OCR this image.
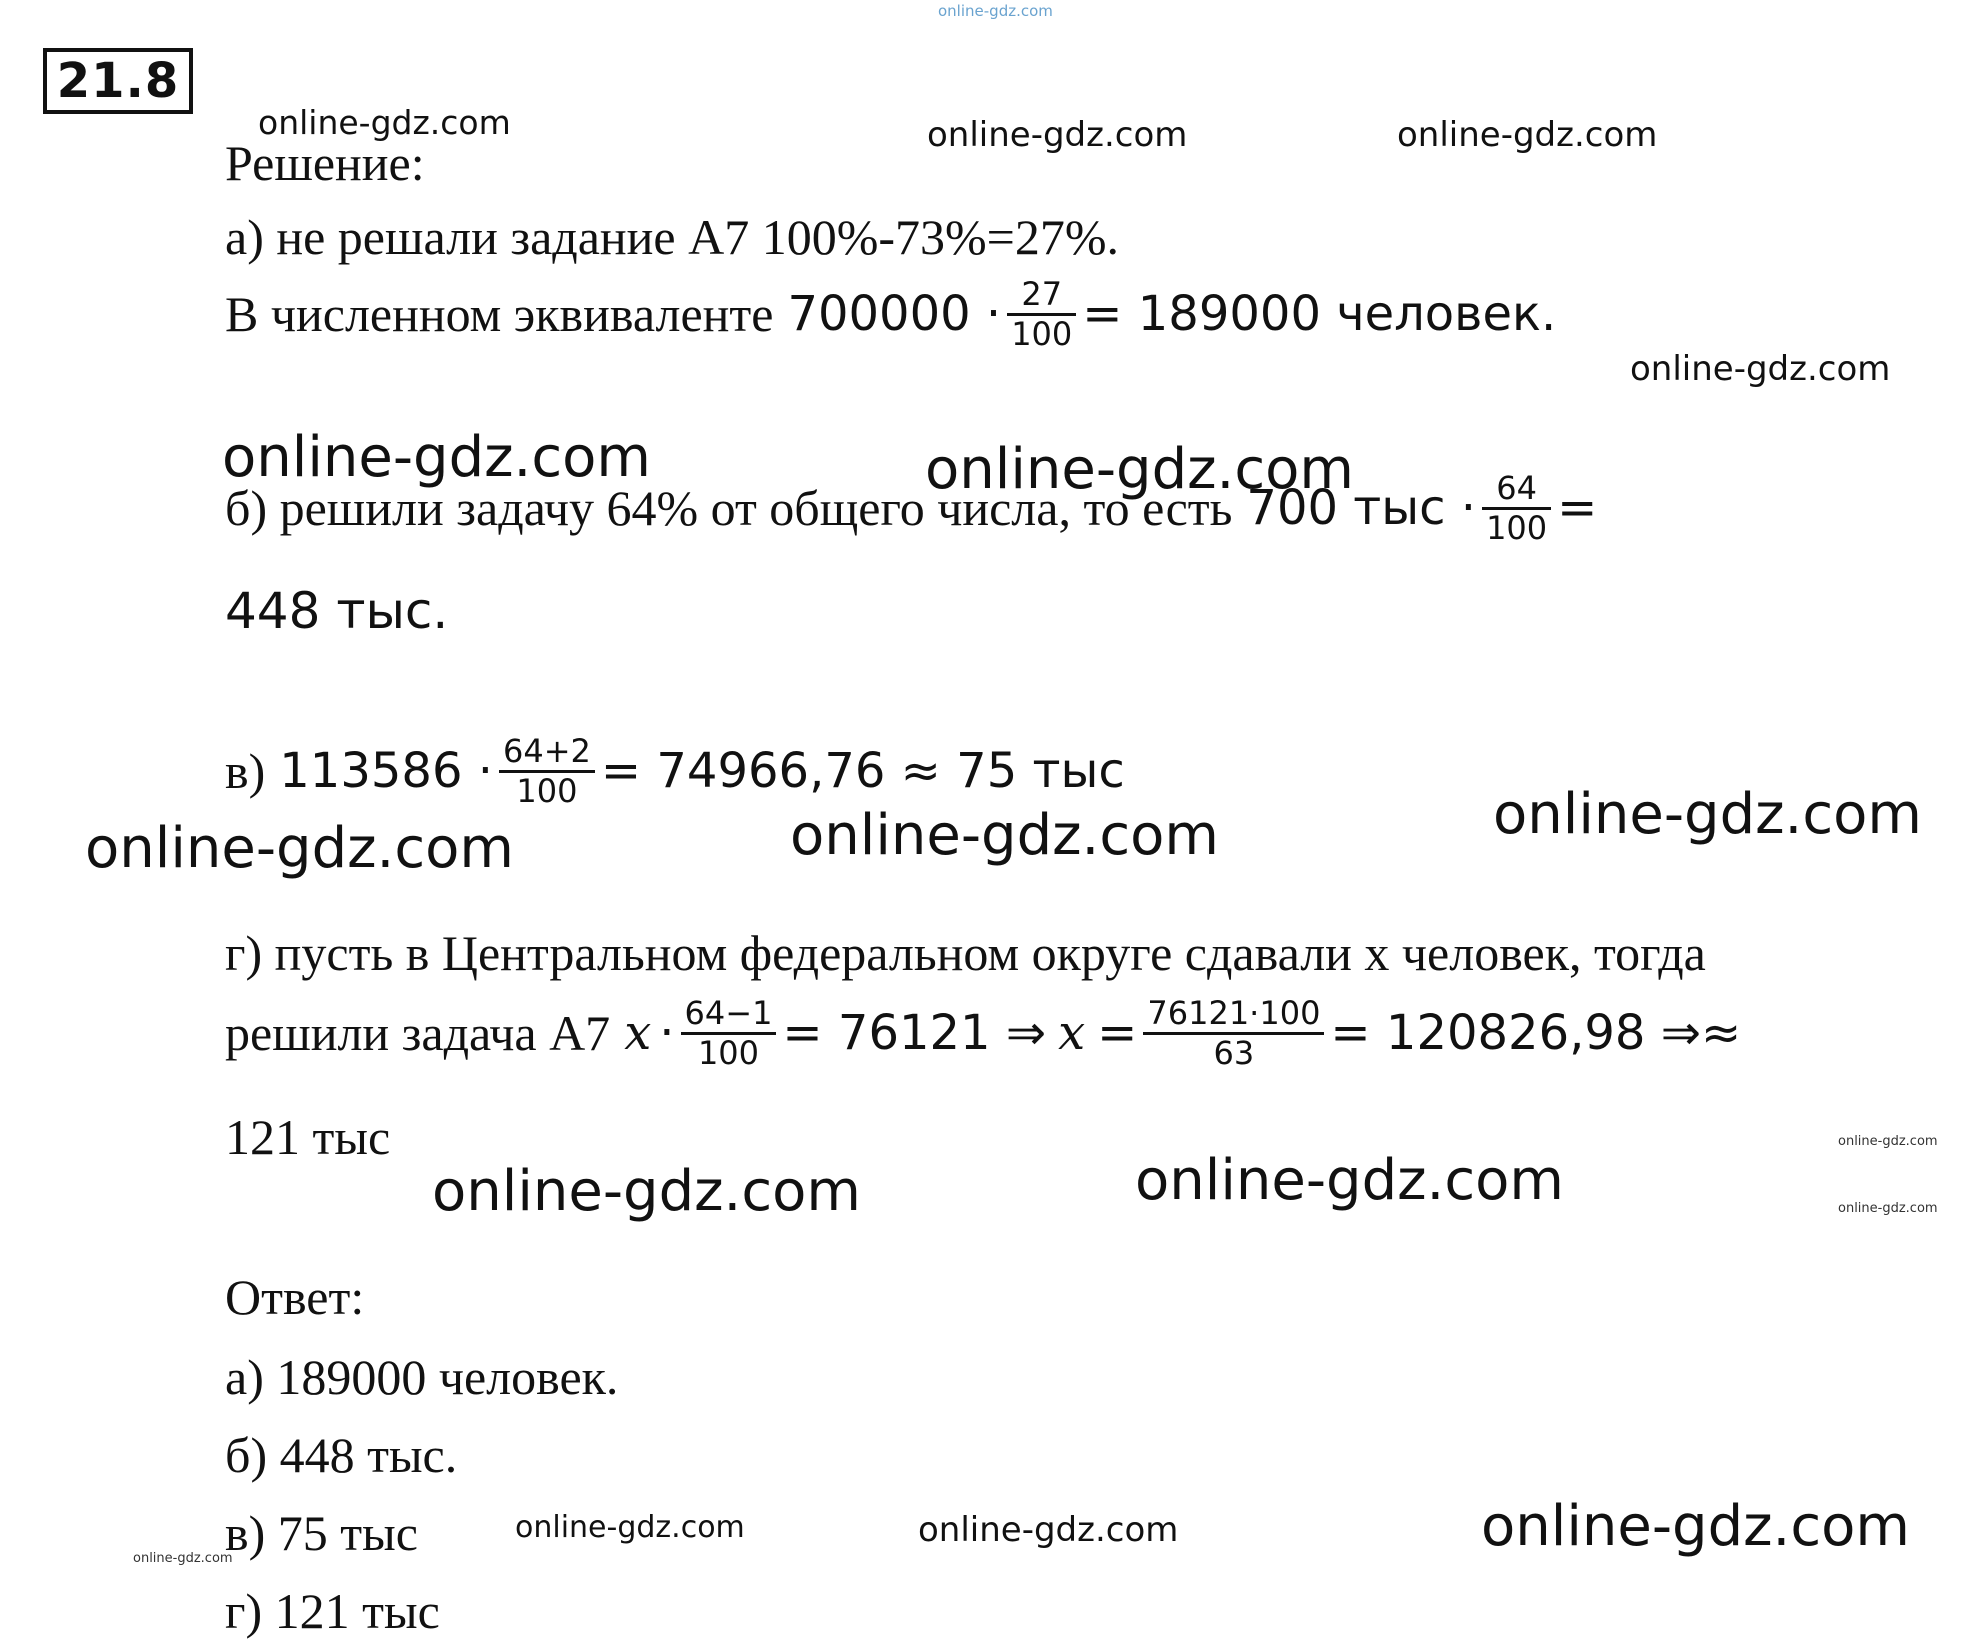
online-gdz.com
21.8
Решение:
а) не решали задание А7 100%-73%=27%.
В численном эквиваленте $700000 \cdot \frac{27}{100} = 189000$ человек.
б) решили задачу 64% от общего числа, то есть 700 тыс · $\frac{64}{100}$ =
448 тыс.
в) $113586 \cdot \frac{64+2}{100} = 74966,76 \approx 75$ тыс
г) пусть в Центральном федеральном округе сдавали х человек, тогда
решили задача А7 $x \cdot \frac{64-1}{100} = 76121$ ⇒ $x = \frac{76121\cdot 100}{63} = 120826,98$ ⇒≈
121 тыс
Ответ:
а) 189000 человек.
б) 448 тыс.
в) 75 тыс
г) 121 тыс
online-gdz.com	online-gdz.com	online-gdz.com
online-gdz.com
online-gdz.com	online-gdz.com
online-gdz.com
online-gdz.com	online-gdz.com
online-gdz.com
online-gdz.com
online-gdz.com	online-gdz.com
online-gdz.com	online-gdz.com	online-gdz.com
online-gdz.com
